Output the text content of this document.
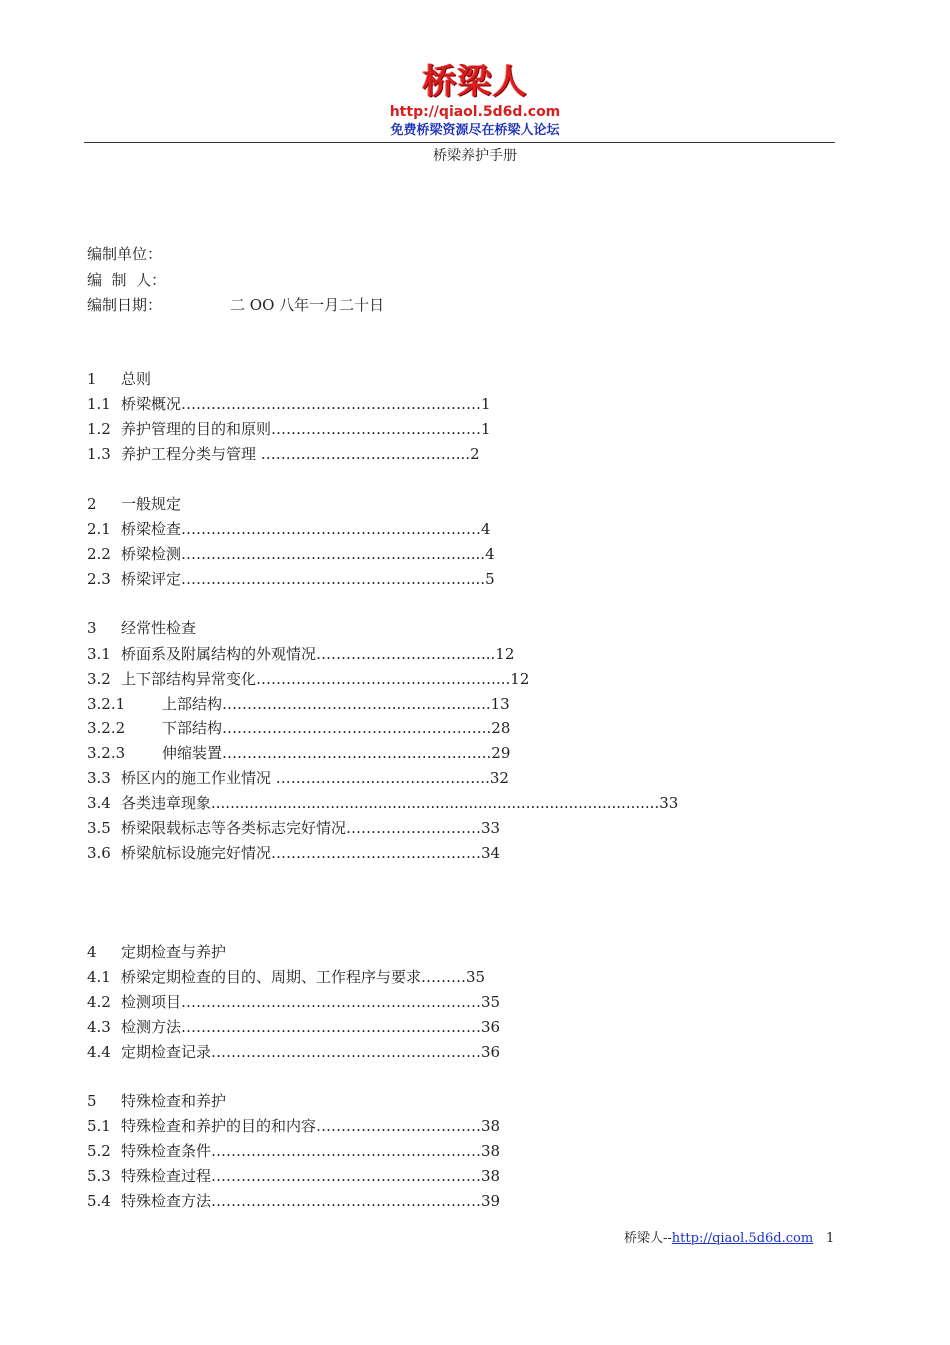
桥梁人
http://qiaol.5d6d.com
免费桥梁资源尽在桥梁人论坛
桥梁养护手册
编制单位：
编  制  人：
编制日期：	二 OO 八年一月二十日
1 总则
1.1 桥梁概况……………………………………………………1
1.2 养护管理的目的和原则……………………………………1
1.3 养护工程分类与管理 …………………………………...2
2 一般规定
2.1 桥梁检查……………………………………………………4
2.2 桥梁检测…………………………………………………....4
2.3 桥梁评定…………………………………………………....5
3 经常性检查
3.1 桥面系及附属结构的外观情况……………………………...12
3.2 上下部结构异常变化…………………………………………...12
3.2.1 上部结构……………………………...……………...13
3.2.2 下部结构……………………………….……………..28
3.2.3 伸缩装置……………………………….……………..29
3.3 桥区内的施工作业情况 ………………..…………………..32
3.4 各类违章现象..............................................................................................33
3.5 桥梁限载标志等各类标志完好情况………………………33
3.6 桥梁航标设施完好情况……………………………………34
4 定期检查与养护
4.1 桥梁定期检查的目的、周期、工作程序与要求………35
4.2 检测项目……………………………………………………35
4.3 检测方法……………………………………………………36
4.4 定期检查记录………………………………………………36
5 特殊检查和养护
5.1 特殊检查和养护的目的和内容……………………………38
5.2 特殊检查条件………………………………………………38
5.3 特殊检查过程………………………………………………38
5.4 特殊检查方法………………………………………………39
桥梁人--http://qiaol.5d6d.com 1
